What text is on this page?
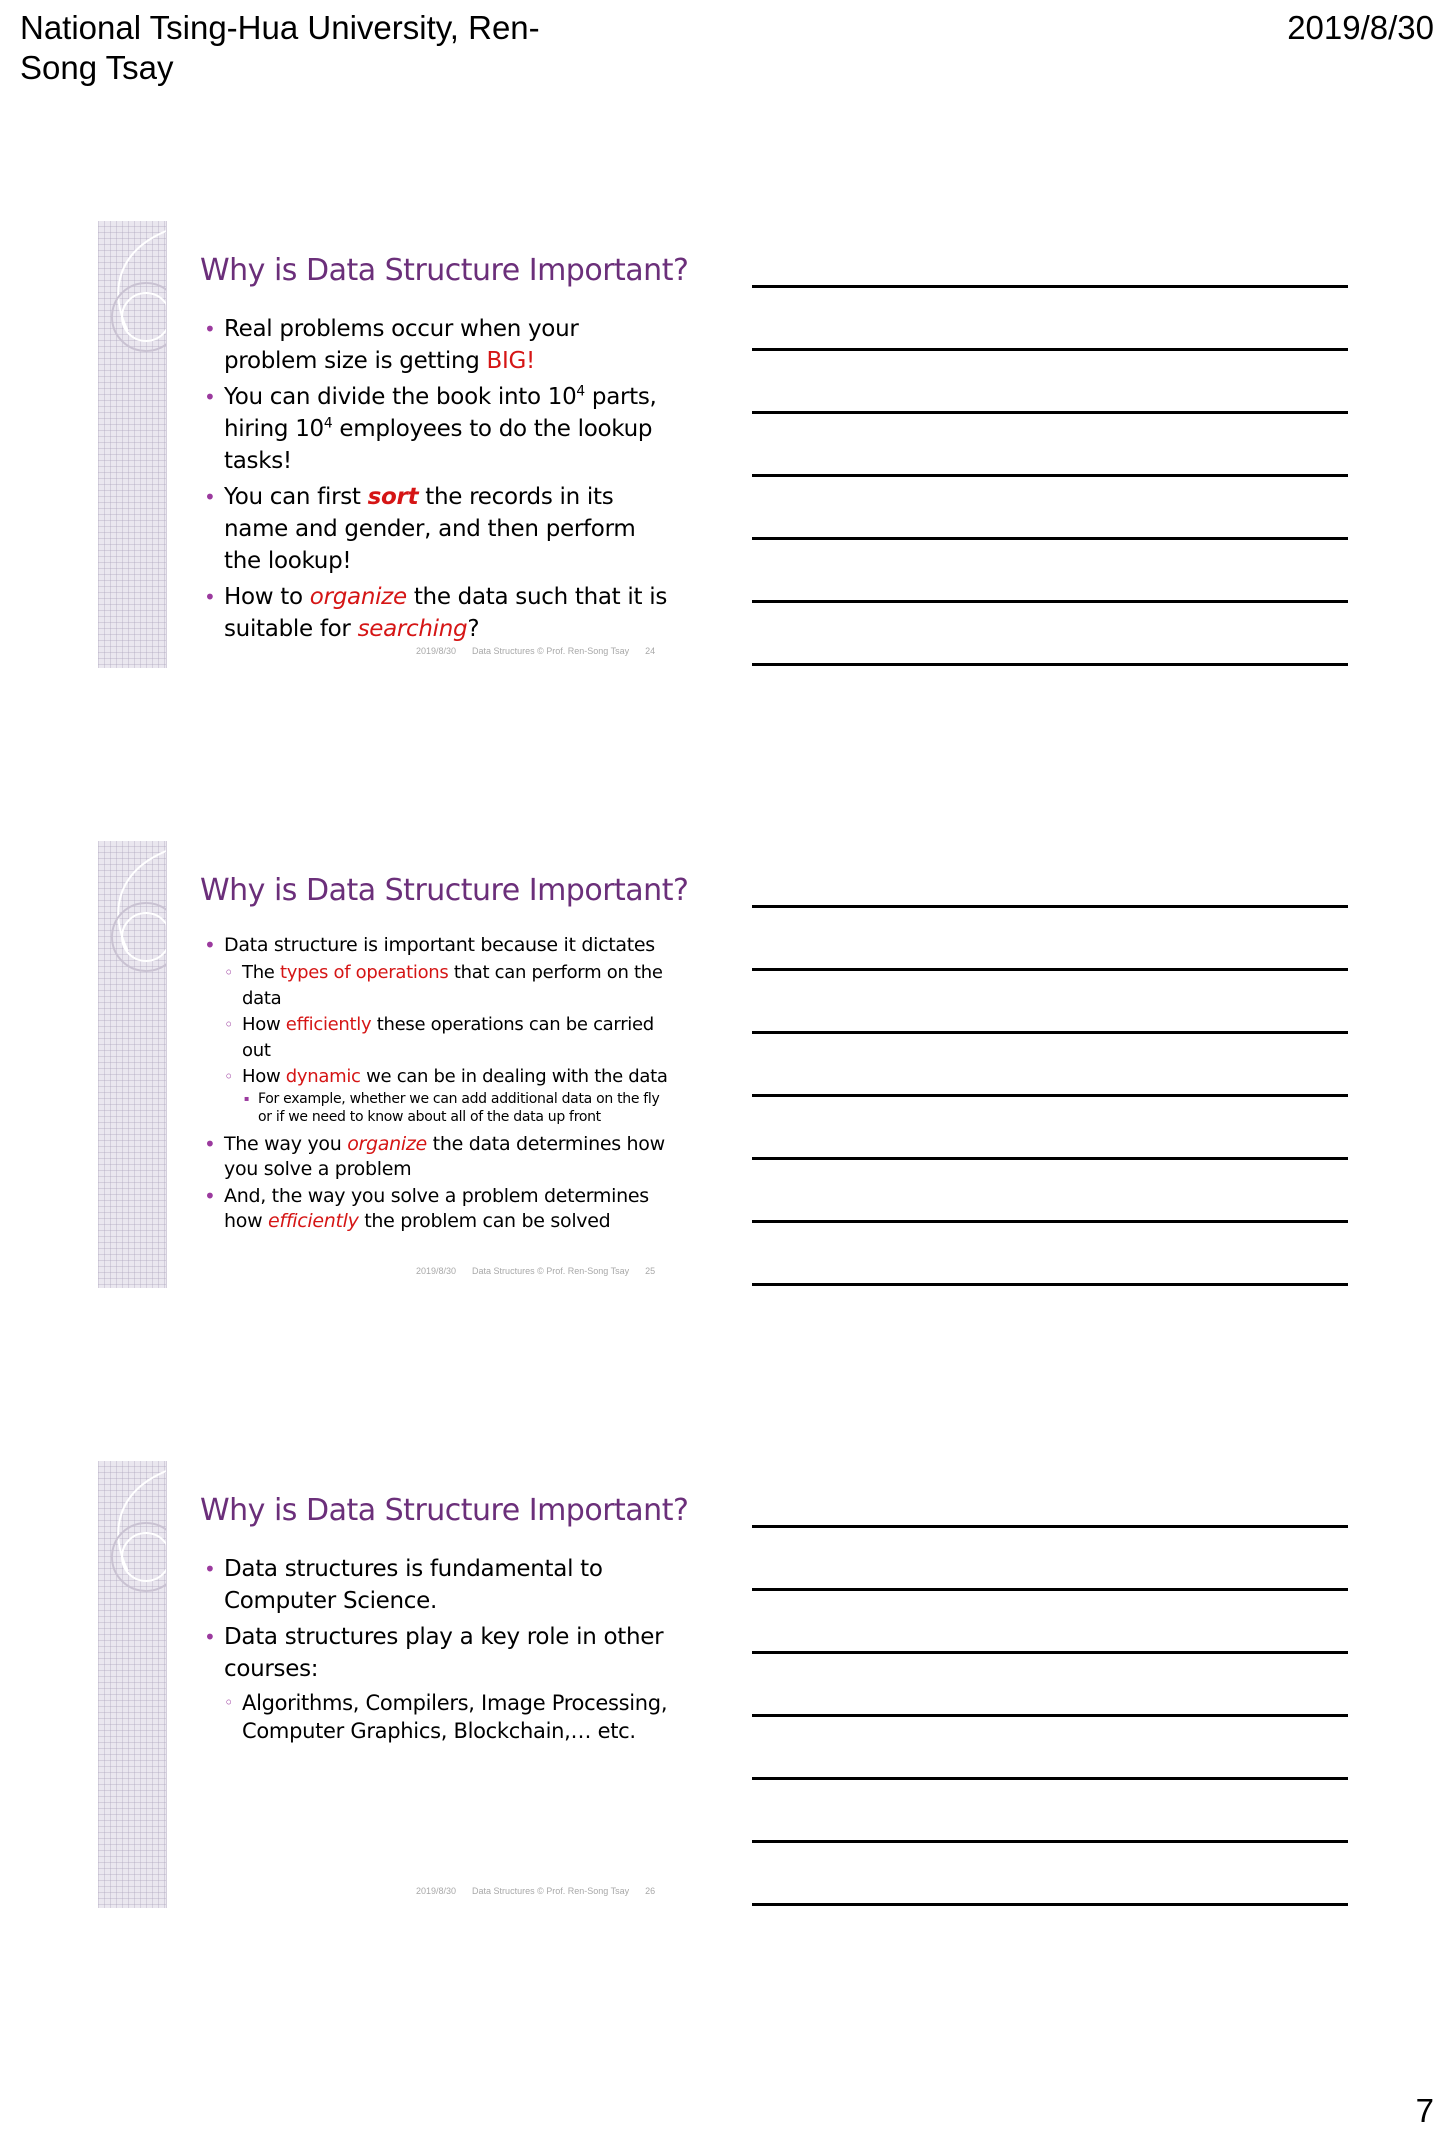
National Tsing-Hua University, Ren-Song Tsay
2019/8/30
Why is Data Structure Important?
• Real problems occur when your problem size is getting BIG!
• You can divide the book into $10^4$ parts, hiring $10^4$ employees to do the lookup tasks!
• You can first sort the records in its name and gender, and then perform the lookup!
• How to organize the data such that it is suitable for searching?
2019/8/30 Data Structures © Prof. Ren-Song Tsay 24
Why is Data Structure Important?
• Data structure is important because it dictates
◦ The types of operations that can perform on the data
◦ How efficiently these operations can be carried out
◦ How dynamic we can be in dealing with the data
▪ For example, whether we can add additional data on the fly or if we need to know about all of the data up front
• The way you organize the data determines how you solve a problem
• And, the way you solve a problem determines how efficiently the problem can be solved
2019/8/30 Data Structures © Prof. Ren-Song Tsay 25
Why is Data Structure Important?
• Data structures is fundamental to Computer Science.
• Data structures play a key role in other courses:
◦ Algorithms, Compilers, Image Processing, Computer Graphics, Blockchain,… etc.
2019/8/30 Data Structures © Prof. Ren-Song Tsay 26
7
